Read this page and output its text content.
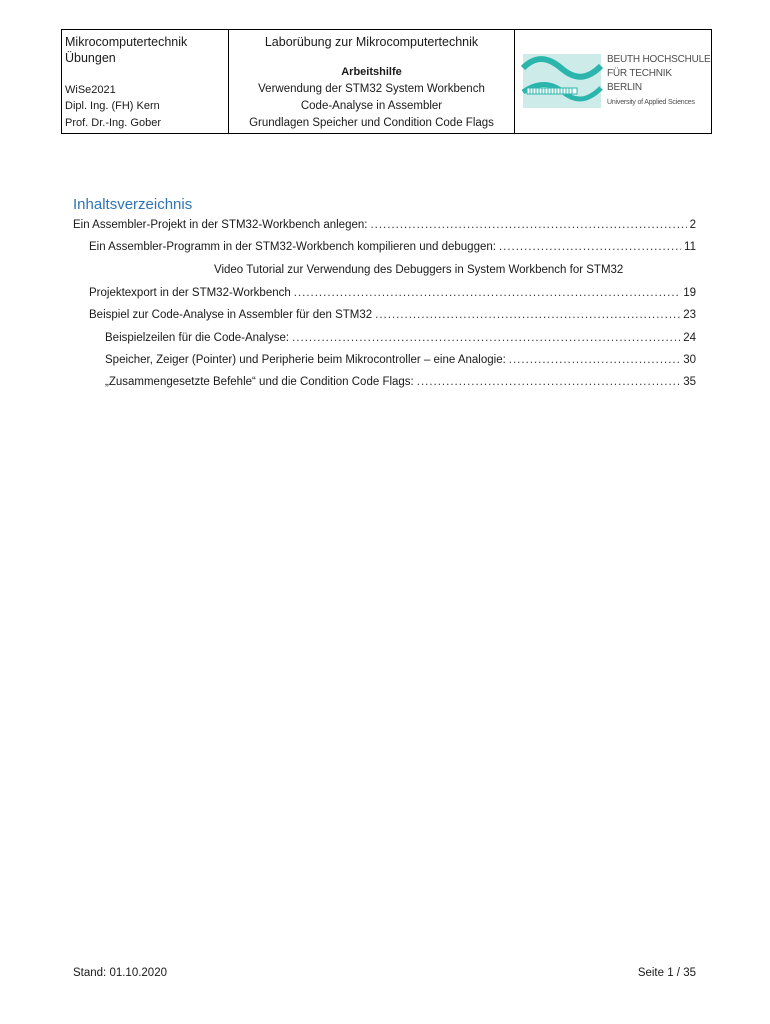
Mikrocomputertechnik
Übungen
WiSe2021
Dipl. Ing. (FH) Kern
Prof. Dr.-Ing. Gober
Laborübung zur Mikrocomputertechnik
Arbeitshilfe
Verwendung der STM32 System Workbench
Code-Analyse in Assembler
Grundlagen Speicher und Condition Code Flags
BEUTH HOCHSCHULE
FÜR TECHNIK
BERLIN
University of Applied Sciences
Inhaltsverzeichnis
Ein Assembler-Projekt in der STM32-Workbench anlegen: .....	2
Ein Assembler-Programm in der STM32-Workbench kompilieren und debuggen: .....	11
Video Tutorial zur Verwendung des Debuggers in System Workbench for STM32
Projektexport in der STM32-Workbench .....	19
Beispiel zur Code-Analyse in Assembler für den STM32 .....	23
Beispielzeilen für die Code-Analyse: .....	24
Speicher, Zeiger (Pointer) und Peripherie beim Mikrocontroller – eine Analogie: .....	30
„Zusammengesetzte Befehle“ und die Condition Code Flags: .....	35
Stand: 01.10.2020	Seite 1 / 35
